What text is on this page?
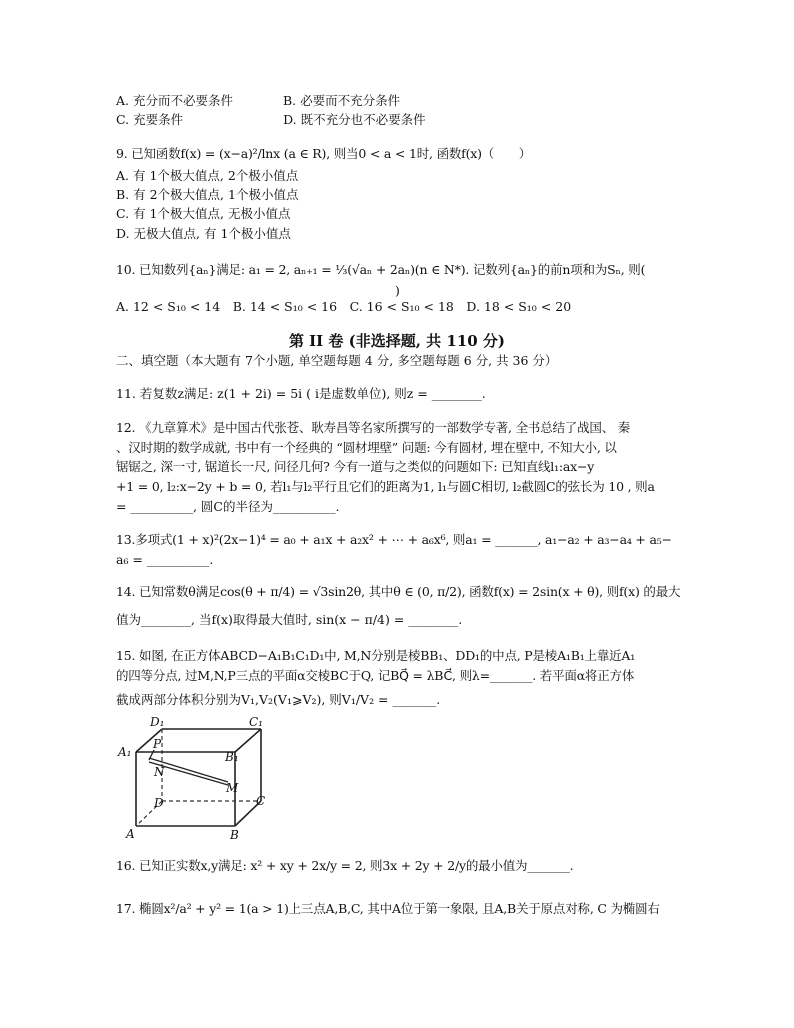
A. 充分而不必要条件　　　　B. 必要而不充分条件
C. 充要条件　　　　　　　　D. 既不充分也不必要条件
9. 已知函数f(x) = (x−a)²/lnx (a ∈ R), 则当0 < a < 1时, 函数f(x)（　　）
A. 有 1个极大值点, 2个极小值点
B. 有 2个极大值点, 1个极小值点
C. 有 1个极大值点, 无极小值点
D. 无极大值点, 有 1个极小值点
10. 已知数列{aₙ}满足: a₁ = 2, aₙ₊₁ = ⅓(√aₙ + 2aₙ)(n ∈ N*). 记数列{aₙ}的前n项和为Sₙ, 则(
)
A. 12 < S₁₀ < 14　B. 14 < S₁₀ < 16　C. 16 < S₁₀ < 18　D. 18 < S₁₀ < 20
第 II 卷 (非选择题, 共 110 分)
二、填空题（本大题有 7个小题, 单空题每题 4 分, 多空题每题 6 分, 共 36 分）
11. 若复数z满足: z(1 + 2i) = 5i ( i是虚数单位), 则z = ________.
12. 《九章算术》是中国古代张苍、耿寿昌等名家所撰写的一部数学专著, 全书总结了战国、 秦
、汉时期的数学成就, 书中有一个经典的 “圆材埋壁” 问题: 今有圆材, 埋在壁中, 不知大小, 以
锯锯之, 深一寸, 锯道长一尺, 问径几何? 今有一道与之类似的问题如下: 已知直线l₁:ax−y
+1 = 0, l₂:x−2y + b = 0, 若l₁与l₂平行且它们的距离为1, l₁与圆C相切, l₂截圆C的弦长为 10 , 则a
= __________, 圆C的半径为__________.
13.多项式(1 + x)²(2x−1)⁴ = a₀ + a₁x + a₂x² + ⋯ + a₆x⁶, 则a₁ = _______, a₁−a₂ + a₃−a₄ + a₅−
a₆ = __________.
14. 已知常数θ满足cos(θ + π/4) = √3sin2θ, 其中θ ∈ (0, π/2), 函数f(x) = 2sin(x + θ), 则f(x) 的最大
值为________, 当f(x)取得最大值时, sin(x − π/4) = ________.
15. 如图, 在正方体ABCD−A₁B₁C₁D₁中, M,N分别是棱BB₁、DD₁的中点, P是棱A₁B₁上靠近A₁
的四等分点, 过M,N,P三点的平面α交棱BC于Q, 记BQ⃗ = λBC⃗, 则λ=_______. 若平面α将正方体
截成两部分体积分别为V₁,V₂(V₁⩾V₂), 则V₁/V₂ = _______.
D₁	C₁
A₁
P
B₁
N
M
D	C
A	B
16. 已知正实数x,y满足: x² + xy + 2x/y = 2, 则3x + 2y + 2/y的最小值为_______.
17. 椭圆x²/a² + y² = 1(a > 1)上三点A,B,C, 其中A位于第一象限, 且A,B关于原点对称, C 为椭圆右
